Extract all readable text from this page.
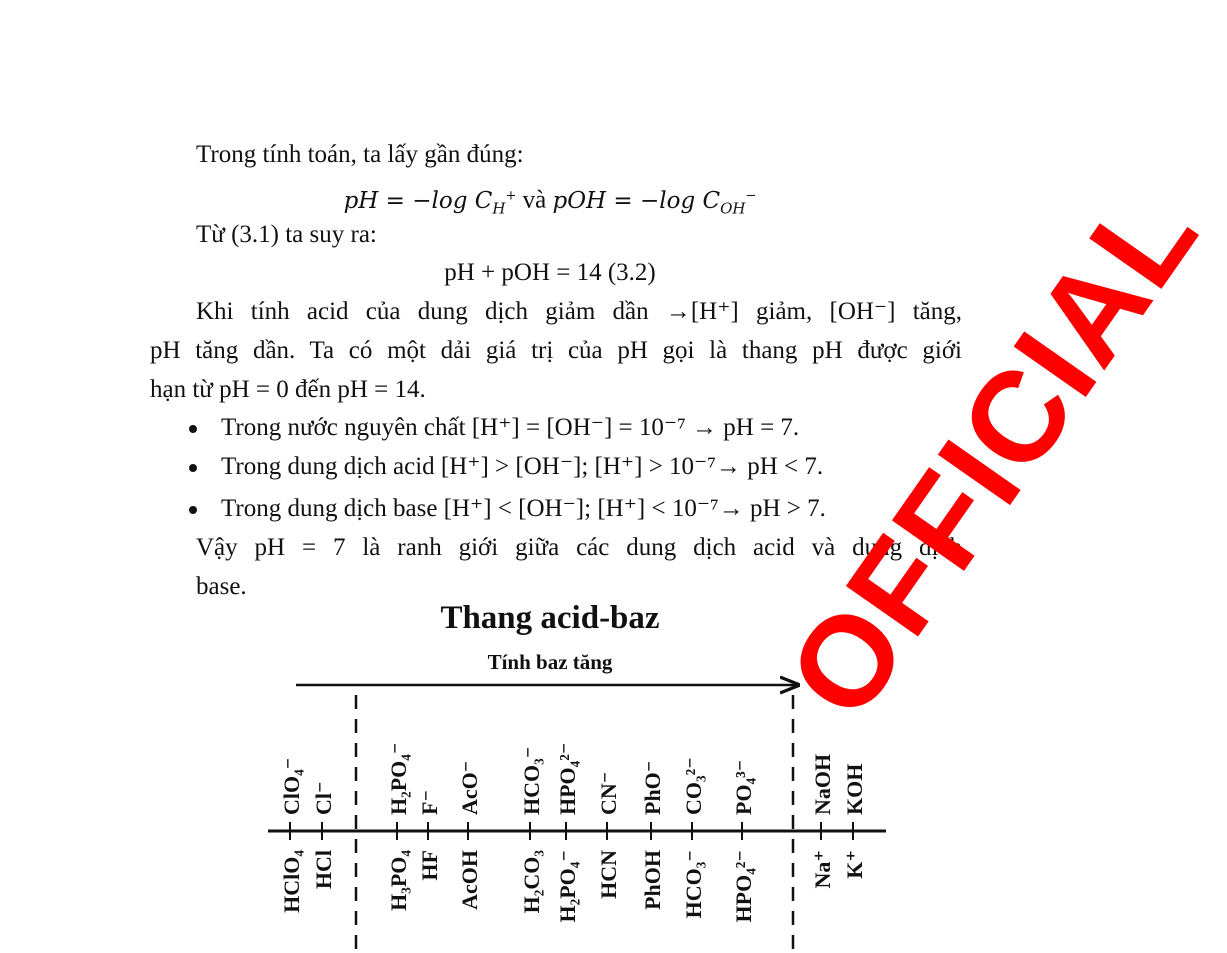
Trong tính toán, ta lấy gần đúng:
pH = −log $C_H^+$ và pOH = −log $C_{OH}^-$
Từ (3.1) ta suy ra:
pH + pOH = 14 (3.2)
Khi tính acid của dung dịch giảm dần →[H⁺] giảm, [OH⁻] tăng,
pH tăng dần. Ta có một dải giá trị của pH gọi là thang pH được giới
hạn từ pH = 0 đến pH = 14.
Trong nước nguyên chất [H⁺] = [OH⁻] = 10⁻⁷ → pH = 7.
Trong dung dịch acid [H⁺] > [OH⁻]; [H⁺] > 10⁻⁷→ pH < 7.
Trong dung dịch base [H⁺] < [OH⁻]; [H⁺] < 10⁻⁷→ pH > 7.
Vậy pH = 7 là ranh giới giữa các dung dịch acid và dung dịch
base.	OFFICIAL
Thang acid-baz
Tính baz tăng
ClO₄⁻ Cl⁻ H₂PO₄⁻ F⁻ AcO⁻ HCO₃⁻ HPO₄²⁻ CN⁻ PhO⁻ CO₃²⁻ PO₄³⁻ NaOH KOH
HClO₄ HCl H₃PO₄ HF AcOH H₂CO₃ H₂PO₄⁻ HCN PhOH HCO₃⁻ HPO₄²⁻ Na⁺ K⁺
